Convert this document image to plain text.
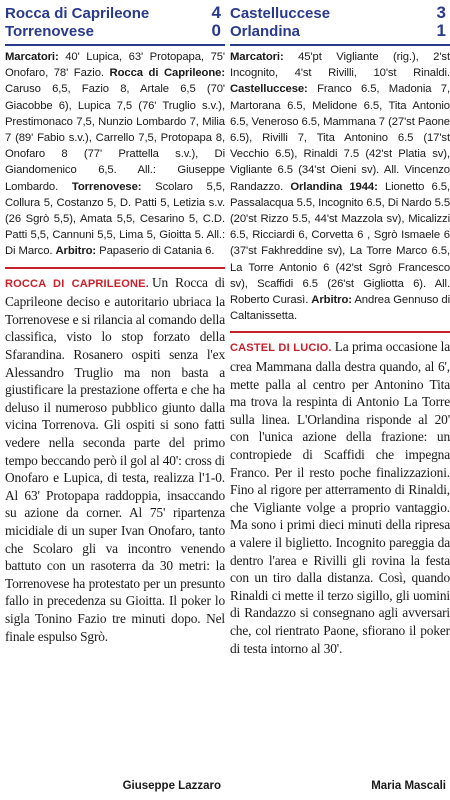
Rocca di Caprileone	4
Torrenovese	0

Marcatori: 40' Lupica, 63' Protopapa, 75' Onofaro, 78' Fazio. Rocca di Caprileone: Caruso 6,5, Fazio 8, Artale 6,5 (70' Giacobbe 6), Lupica 7,5 (76' Truglio s.v.), Prestimonaco 7,5, Nunzio Lombardo 7, Milia 7 (89' Fabio s.v.), Carrello 7,5, Protopapa 8, Onofaro 8 (77' Prattella s.v.), Di Giandomenico 6,5. All.: Giuseppe Lombardo. Torrenovese: Scolaro 5,5, Collura 5, Costanzo 5, D. Patti 5, Letizia s.v. (26 Sgrò 5,5), Amata 5,5, Cesarino 5, C.D. Patti 5,5, Cannuni 5,5, Lima 5, Gioitta 5. All.: Di Marco. Arbitro: Papaserio di Catania 6.

ROCCA DI CAPRILEONE. Un Rocca di Caprileone deciso e autoritario ubriaca la Torrenovese e si rilancia al comando della classifica, visto lo stop forzato della Sfarandina. Rosanero ospiti senza l'ex Alessandro Truglio ma non basta a giustificare la prestazione offerta e che ha deluso il numeroso pubblico giunto dalla vicina Torrenova. Gli ospiti si sono fatti vedere nella seconda parte del primo tempo beccando però il gol al 40': cross di Onofaro e Lupica, di testa, realizza l'1-0. Al 63' Protopapa raddoppia, insaccando su azione da corner. Al 75' ripartenza micidiale di un super Ivan Onofaro, tanto che Scolaro gli va incontro venendo battuto con un rasoterra da 30 metri: la Torrenovese ha protestato per un presunto fallo in precedenza su Gioitta. Il poker lo sigla Tonino Fazio tre minuti dopo. Nel finale espulso Sgrò.

Giuseppe Lazzaro
Castelluccese	3
Orlandina	1

Marcatori: 45'pt Vigliante (rig.), 2'st Incognito, 4'st Rivilli, 10'st Rinaldi. Castelluccese: Franco 6.5, Madonia 7, Martorana 6.5, Melidone 6.5, Tita Antonio 6.5, Veneroso 6.5, Mammana 7 (27'st Paone 6.5), Rivilli 7, Tita Antonino 6.5 (17'st Vecchio 6.5), Rinaldi 7.5 (42'st Platia sv), Vigliante 6.5 (34'st Oieni sv). All. Vincenzo Randazzo. Orlandina 1944: Lionetto 6.5, Passalacqua 5.5, Incognito 6.5, Di Nardo 5.5 (20'st Rizzo 5.5, 44'st Mazzola sv), Micalizzi 6.5, Ricciardi 6, Corvetta 6 , Sgrò Ismaele 6 (37'st Fakhreddine sv), La Torre Marco 6.5, La Torre Antonio 6 (42'st Sgrò Francesco sv), Scaffidi 6.5 (26'st Gigliotta 6). All. Roberto Curasì. Arbitro: Andrea Gennuso di Caltanissetta.

CASTEL DI LUCIO. La prima occasione la crea Mammana dalla destra quando, al 6', mette palla al centro per Antonino Tita ma trova la respinta di Antonio La Torre sulla linea. L'Orlandina risponde al 20' con l'unica azione della frazione: un contropiede di Scaffidi che impegna Franco. Per il resto poche finalizzazioni. Fino al rigore per atterramento di Rinaldi, che Vigliante volge a proprio vantaggio. Ma sono i primi dieci minuti della ripresa a valere il biglietto. Incognito pareggia da dentro l'area e Rivilli gli rovina la festa con un tiro dalla distanza. Così, quando Rinaldi ci mette il terzo sigillo, gli uomini di Randazzo si consegnano agli avversari che, col rientrato Paone, sfiorano il poker di testa intorno al 30'.

Maria Mascali
